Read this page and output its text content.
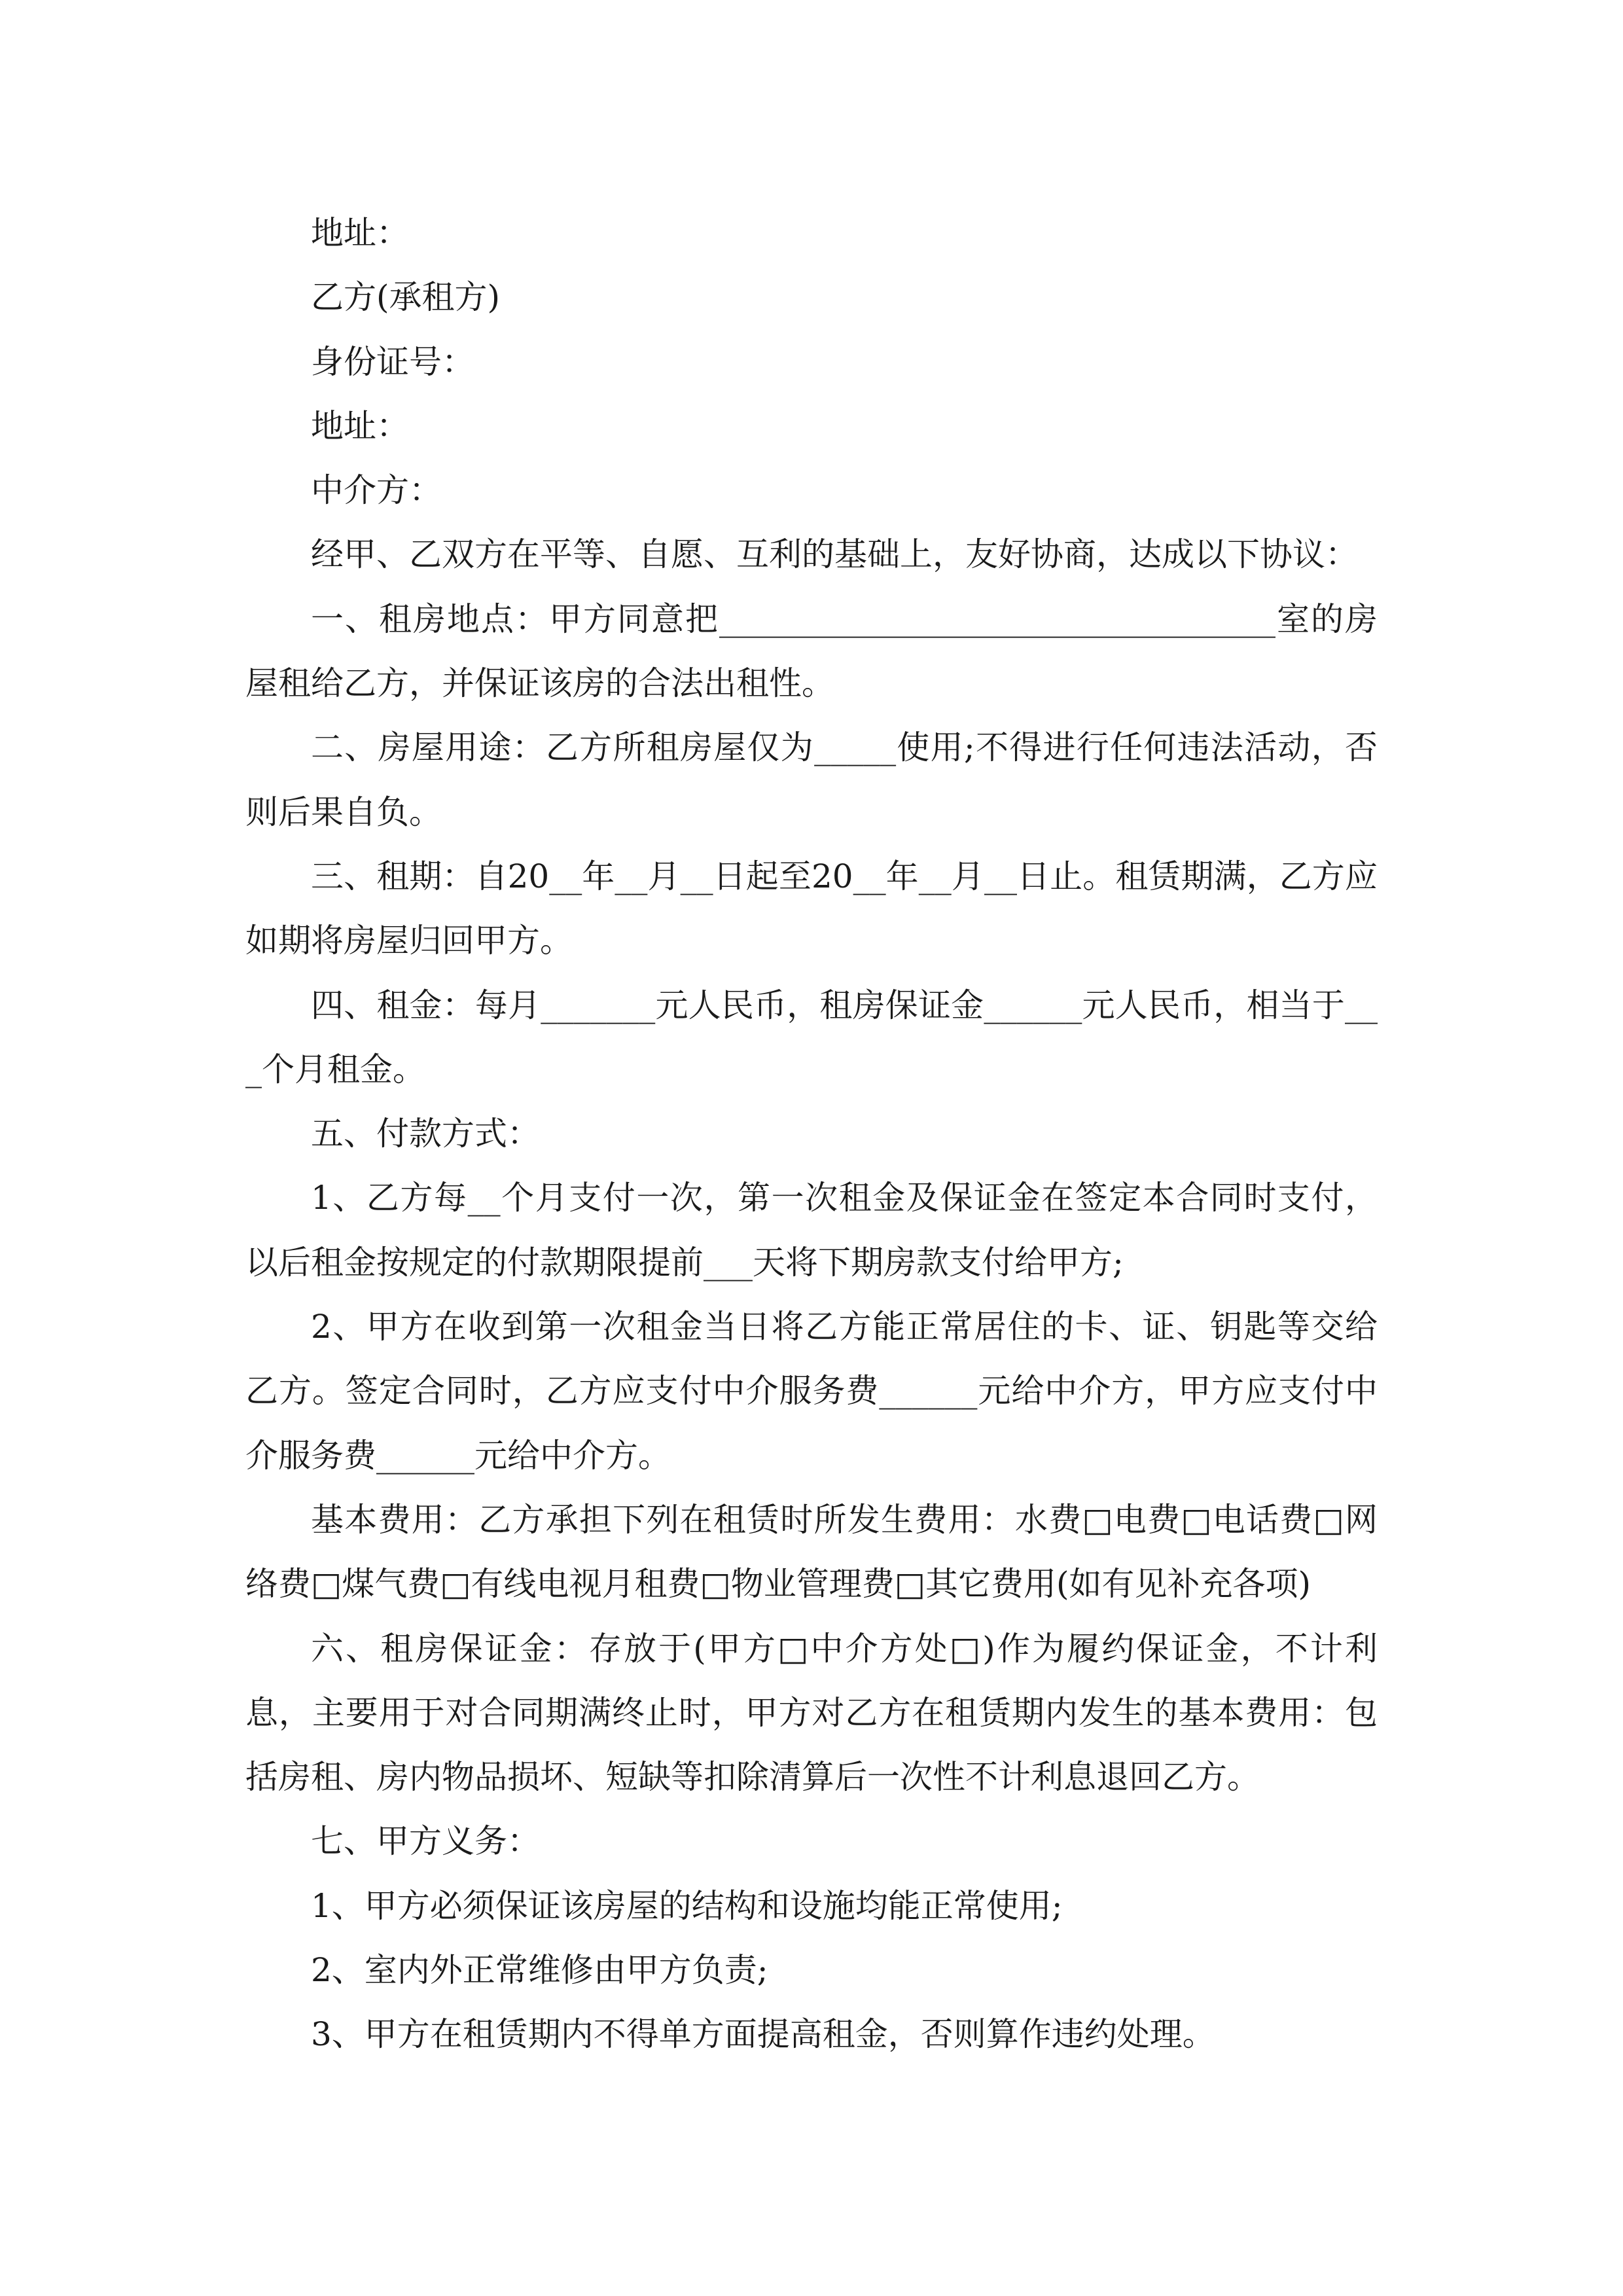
地址：

乙方(承租方)

身份证号：

地址：

中介方：

经甲、乙双方在平等、自愿、互利的基础上，友好协商，达成以下协议：

一、租房地点：甲方同意把__________________________________室的房屋租给乙方，并保证该房的合法出租性。

二、房屋用途：乙方所租房屋仅为_____使用;不得进行任何违法活动，否则后果自负。

三、租期：自20__年__月__日起至20__年__月__日止。租赁期满，乙方应如期将房屋归回甲方。

四、租金：每月_______元人民币，租房保证金______元人民币，相当于___个月租金。

五、付款方式：

1、乙方每__个月支付一次，第一次租金及保证金在签定本合同时支付，以后租金按规定的付款期限提前___天将下期房款支付给甲方;

2、甲方在收到第一次租金当日将乙方能正常居住的卡、证、钥匙等交给乙方。签定合同时，乙方应支付中介服务费______元给中介方，甲方应支付中介服务费______元给中介方。

基本费用：乙方承担下列在租赁时所发生费用：水费□电费□电话费□网络费□煤气费□有线电视月租费□物业管理费□其它费用(如有见补充各项)

六、租房保证金：存放于(甲方□中介方处□)作为履约保证金，不计利息，主要用于对合同期满终止时，甲方对乙方在租赁期内发生的基本费用：包括房租、房内物品损坏、短缺等扣除清算后一次性不计利息退回乙方。

七、甲方义务：

1、甲方必须保证该房屋的结构和设施均能正常使用;

2、室内外正常维修由甲方负责;

3、甲方在租赁期内不得单方面提高租金，否则算作违约处理。
